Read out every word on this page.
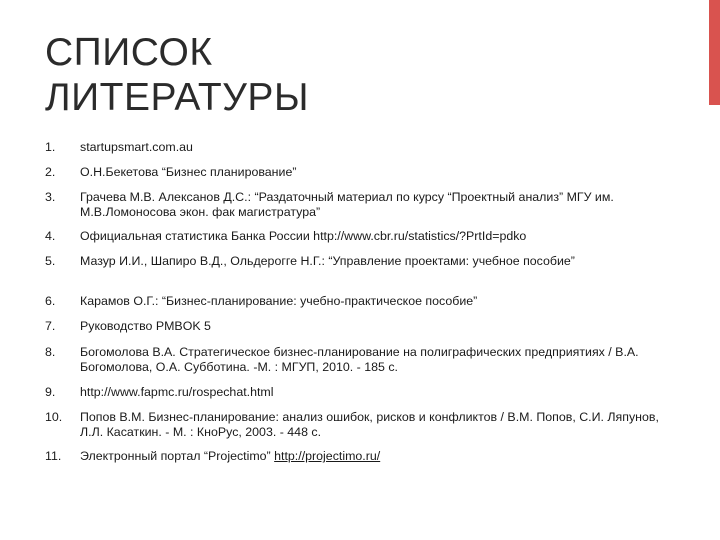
СПИСОК
ЛИТЕРАТУРЫ
1.	startupsmart.com.au
2.	О.Н.Бекетова “Бизнес планирование”
3.	Грачева М.В. Алексанов Д.С.: “Раздаточный материал по курсу “Проектный анализ” МГУ им. М.В.Ломоносова экон. фак магистратура”
4.	Официальная статистика Банка России http://www.cbr.ru/statistics/?PrtId=pdko
5.	Мазур И.И., Шапиро В.Д., Ольдерогге Н.Г.: “Управление проектами: учебное пособие”
6.	Карамов О.Г.: “Бизнес-планирование: учебно-практическое пособие”
7.	Руководство PMBOK 5
8.	Богомолова В.А. Стратегическое бизнес-планирование на полиграфических предприятиях / В.А. Богомолова, О.А. Субботина. -М. : МГУП, 2010. - 185 с.
9.	http://www.fapmc.ru/rospechat.html
10.	Попов В.М. Бизнес-планирование: анализ ошибок, рисков и конфликтов / В.М. Попов, С.И. Ляпунов, Л.Л. Касаткин. - М. : КноРус, 2003. - 448 с.
11.	Электронный портал “Projectimo” http://projectimo.ru/
